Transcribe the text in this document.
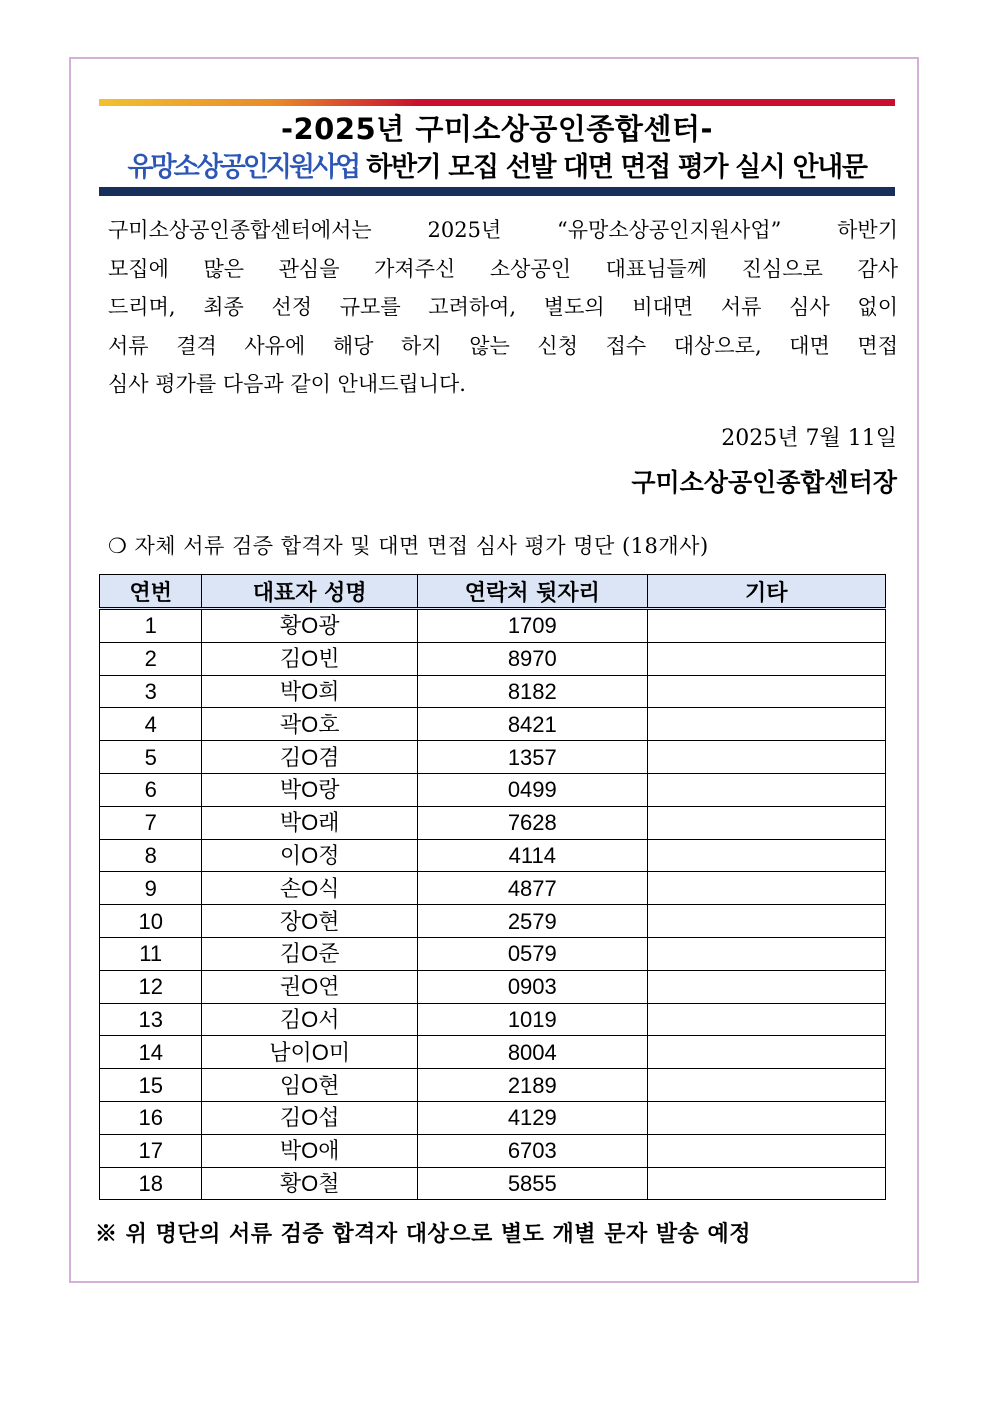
-2025년 구미소상공인종합센터-
유망소상공인지원사업 하반기 모집 선발 대면 면접 평가 실시 안내문
구미소상공인종합센터에서는 2025년 “유망소상공인지원사업” 하반기
모집에 많은 관심을 가져주신 소상공인 대표님들께 진심으로 감사
드리며, 최종 선정 규모를 고려하여, 별도의 비대면 서류 심사 없이
서류 결격 사유에 해당 하지 않는 신청 접수 대상으로, 대면 면접
심사 평가를 다음과 같이 안내드립니다.
2025년 7월 11일
구미소상공인종합센터장
❍ 자체 서류 검증 합격자 및 대면 면접 심사 평가 명단 (18개사)
연번	대표자 성명	연락처 뒷자리	기타
1	황O광	1709	
2	김O빈	8970	
3	박O희	8182	
4	곽O호	8421	
5	김O겸	1357	
6	박O랑	0499	
7	박O래	7628	
8	이O정	4114	
9	손O식	4877	
10	장O현	2579	
11	김O준	0579	
12	권O연	0903	
13	김O서	1019	
14	남이O미	8004	
15	임O현	2189	
16	김O섭	4129	
17	박O애	6703	
18	황O철	5855	
※ 위 명단의 서류 검증 합격자 대상으로 별도 개별 문자 발송 예정
